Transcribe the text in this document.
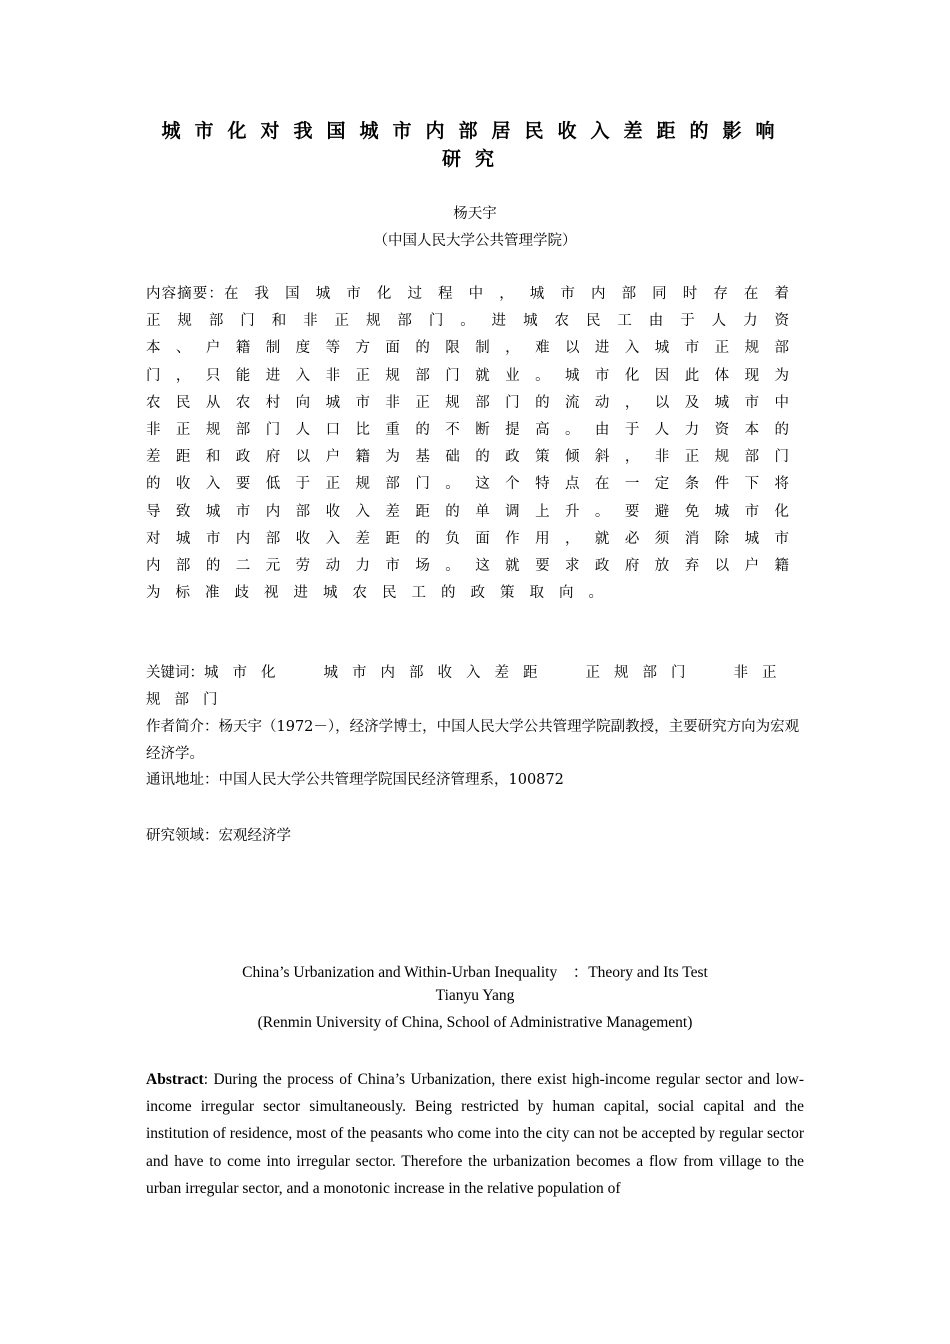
城市化对我国城市内部居民收入差距的影响研究
杨天宇
（中国人民大学公共管理学院）

内容摘要：在我国城市化过程中，城市内部同时存在着正规部门和非正规部门。进城农民工由于人力资本、户籍制度等方面的限制，难以进入城市正规部门，只能进入非正规部门就业。城市化因此体现为农民从农村向城市非正规部门的流动，以及城市中非正规部门人口比重的不断提高。由于人力资本的差距和政府以户籍为基础的政策倾斜，非正规部门的收入要低于正规部门。这个特点在一定条件下将导致城市内部收入差距的单调上升。要避免城市化对城市内部收入差距的负面作用，就必须消除城市内部的二元劳动力市场。这就要求政府放弃以户籍为标准歧视进城农民工的政策取向。

关键词：城市化 城市内部收入差距 正规部门 非正规部门

作者简介：杨天宇（1972－），经济学博士，中国人民大学公共管理学院副教授，主要研究方向为宏观经济学。

通讯地址：中国人民大学公共管理学院国民经济管理系，100872

研究领域：宏观经济学

China’s Urbanization and Within-Urban Inequality　：Theory and Its Test
Tianyu Yang
(Renmin University of China, School of Administrative Management)

Abstract: During the process of China’s Urbanization, there exist high-income regular sector and low-income irregular sector simultaneously. Being restricted by human capital, social capital and the institution of residence, most of the peasants who come into the city can not be accepted by regular sector and have to come into irregular sector. Therefore the urbanization becomes a flow from village to the urban irregular sector, and a monotonic increase in the relative population of
